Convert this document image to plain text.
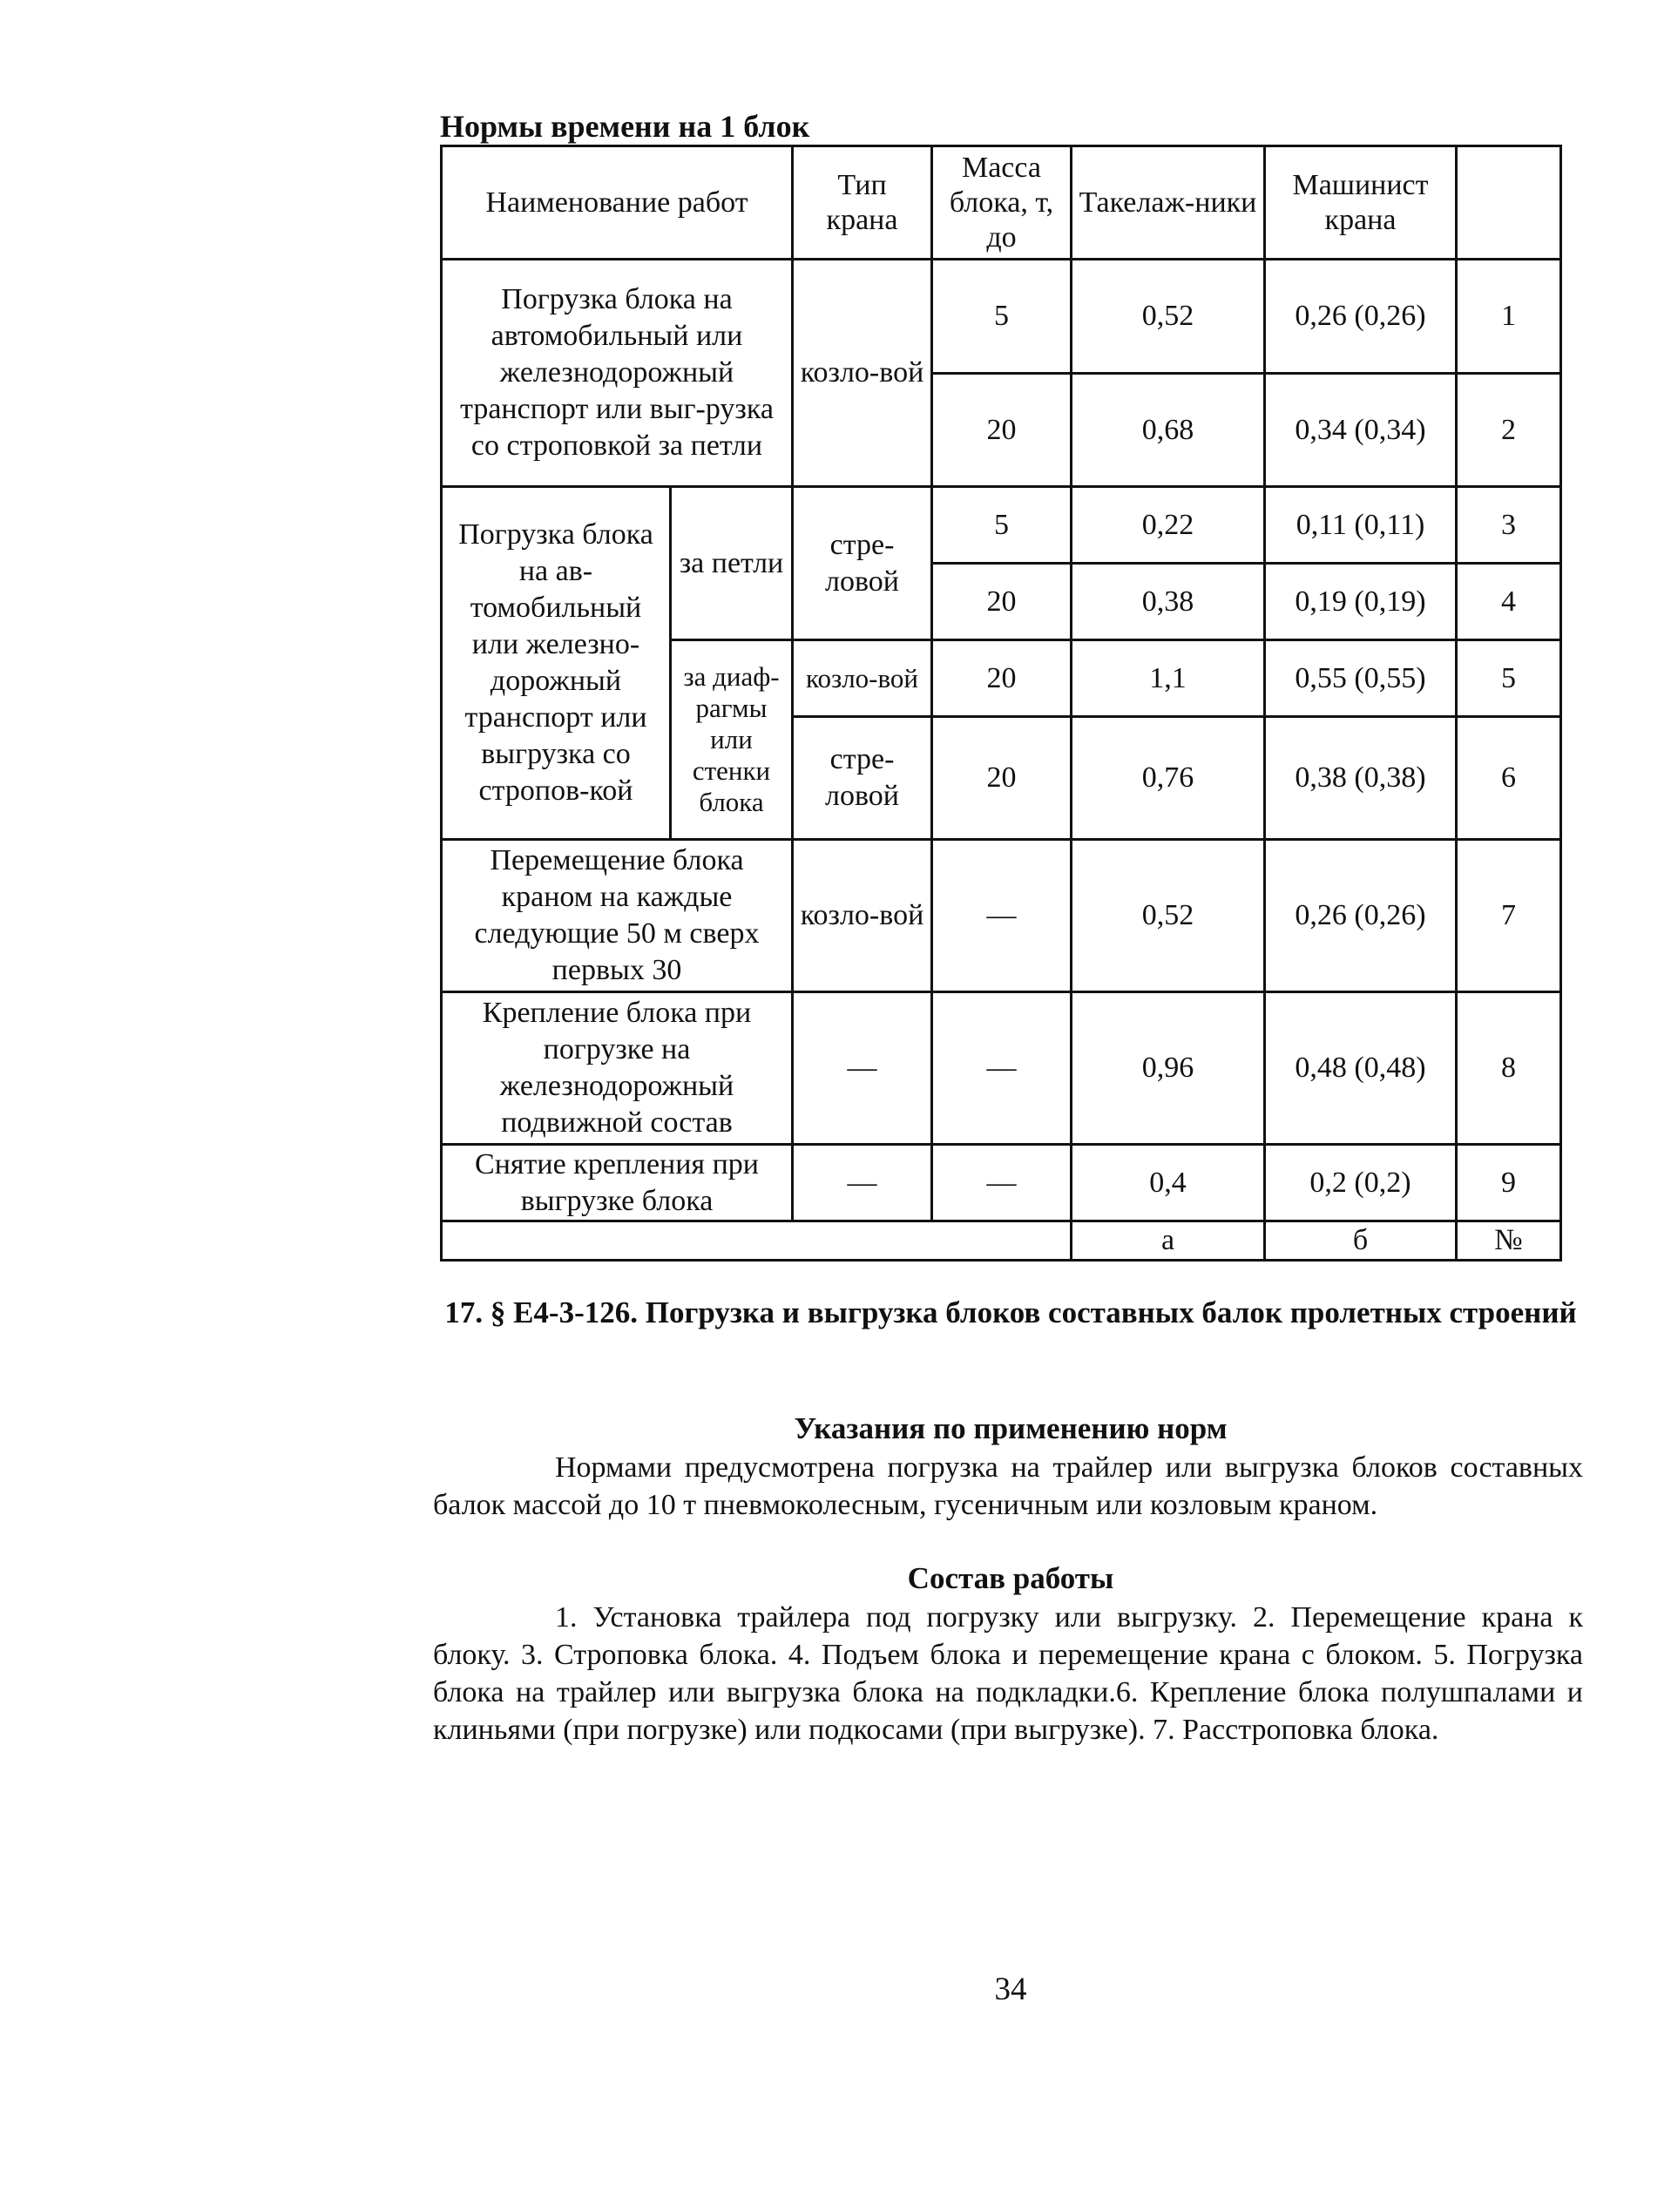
Нормы времени на 1 блок
Наименование работ		Тип крана	Масса блока, т, до	Такелаж-ники	Машинист крана	
Погрузка блока на автомобильный или железнодорожный транспорт или выг-рузка со строповкой за петли		козло-вой	5	0,52	0,26 (0,26)	1
			20	0,68	0,34 (0,34)	2
Погрузка блока на ав-томобильный или железно-дорожный транспорт или выгрузка со стропов-кой	за петли	стре-ловой	5	0,22	0,11 (0,11)	3
			20	0,38	0,19 (0,19)	4
	за диаф-рагмы или стенки блока	козло-вой	20	1,1	0,55 (0,55)	5
		стре-ловой	20	0,76	0,38 (0,38)	6
Перемещение блока краном на каждые следующие 50 м сверх первых 30		козло-вой	—	0,52	0,26 (0,26)	7
Крепление блока при погрузке на железнодорожный подвижной состав		—	—	0,96	0,48 (0,48)	8
Снятие крепления при выгрузке блока		—	—	0,4	0,2 (0,2)	9
				а	б	№
17. § Е4-3-126. Погрузка и выгрузка блоков составных балок пролетных строений
Указания по применению норм

Нормами предусмотрена погрузка на трайлер или выгрузка блоков составных балок массой до 10 т пневмоколесным, гусеничным или козловым краном.

Состав работы

1. Установка трайлера под погрузку или выгрузку. 2. Перемещение крана к блоку. 3. Строповка блока. 4. Подъем блока и перемещение крана с блоком. 5. Погрузка блока на трайлер или выгрузка блока на подкладки.6. Крепление блока полушпалами и клиньями (при погрузке) или подкосами (при выгрузке). 7. Расстроповка блока.

34
